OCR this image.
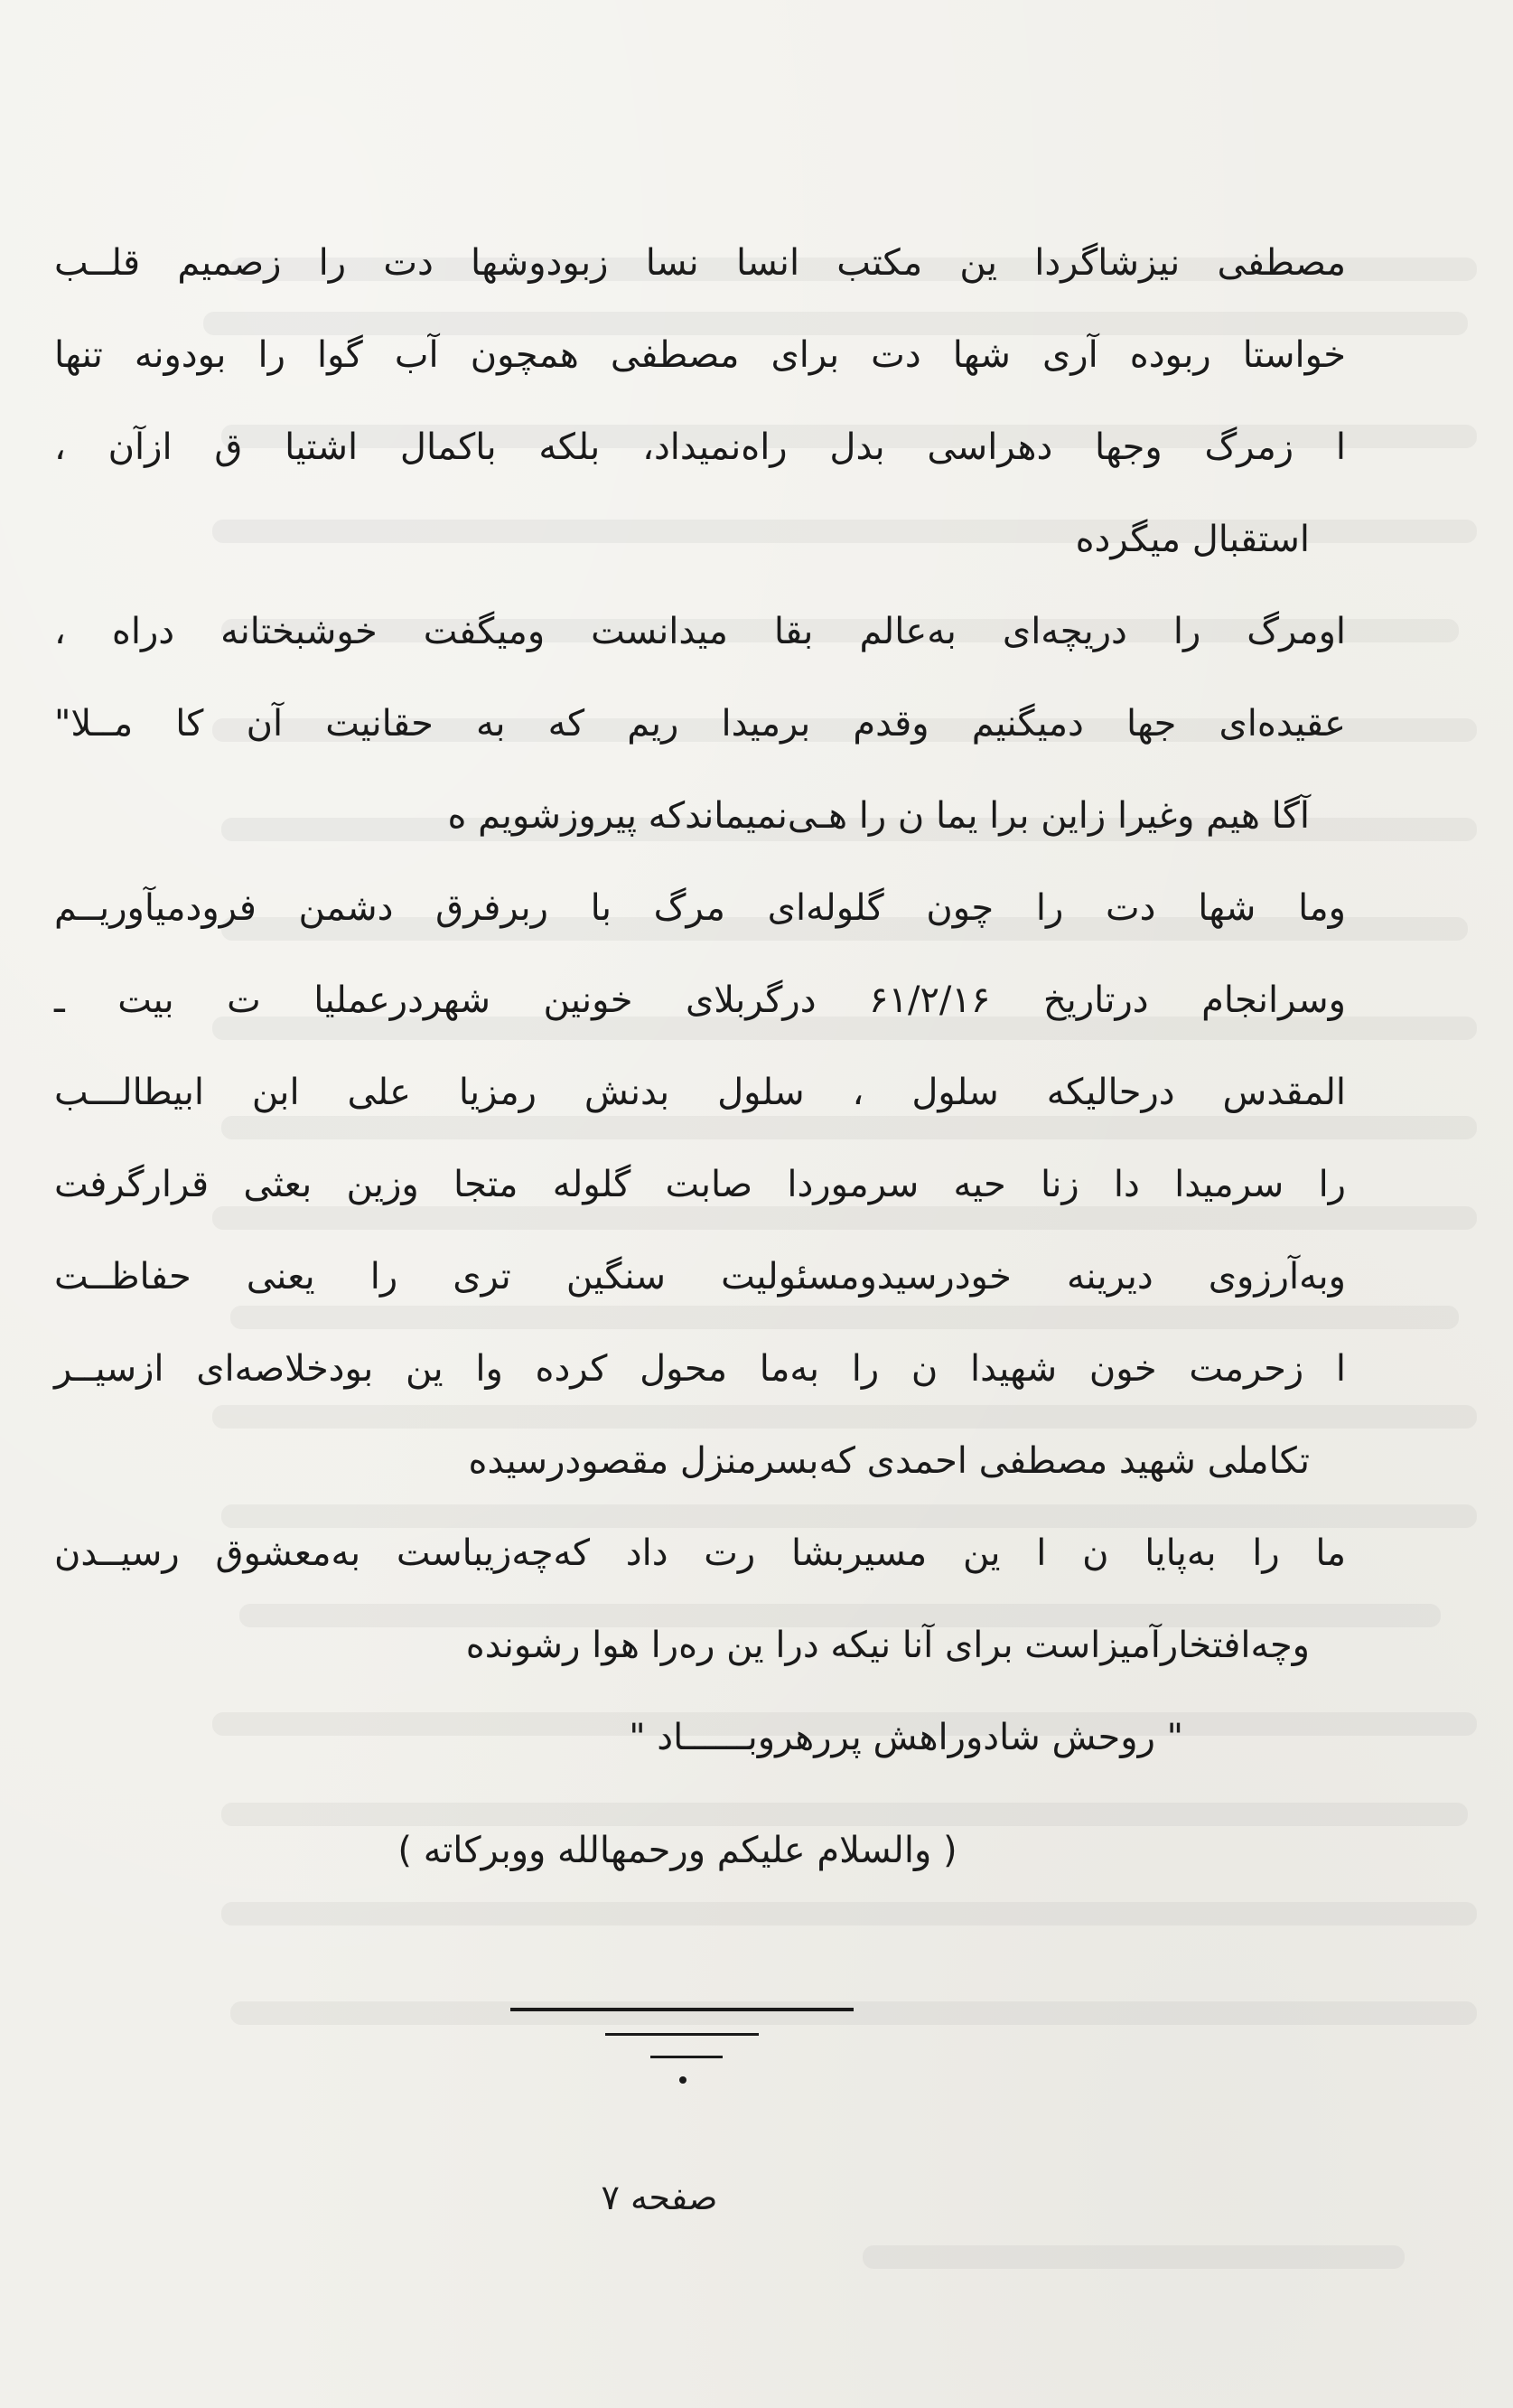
مصطفی نیزشاگردا ین مکتب انسا نسا زبودوشها دت را زصمیم قلــب
خواستا ربوده آری شها دت برای مصطفی همچون آب گوا را بودونه تنها
ا زمرگ وجها دهراسی بدل راه‌نمیداد، بلکه باکمال اشتیا ق ازآن ،
استقبال میگرده
اومرگ را دریچه‌ای به‌عالم بقا میدانست ومیگفت خوشبختانه دراه ،
عقیده‌ای جها دمیگنیم وقدم برمیدا ریم که به حقانیت آن کا مــلا"
آگا هیم وغیرا زاین برا یما ن را هـی‌نمیماندکه پیروزشویم ه
وما شها دت را چون گلوله‌ای مرگ با ربرفرق دشمن فرودمیآوریــم
وسرانجام درتاریخ ۶۱/۲/۱۶ درگربلای خونین شهردرعملیا ت بیت ـ
المقدس درحالیکه سلول ، سلول بدنش رمزیا علی ابن ابیطالـــب
را سرمیدا دا زنا حیه سرموردا صابت گلوله متجا وزین بعثی قرارگرفت
وبه‌آرزوی دیرینه خودرسیدومسئولیت سنگین تری را یعنی حفاظــت
ا زحرمت خون شهیدا ن را به‌ما محول کرده وا ین بودخلاصه‌ای ازسیــر
تکاملی شهید مصطفی احمدی که‌بسرمنزل مقصودرسیده
ما را به‌پایا ن ا ین مسیربشا رت داد که‌چه‌زیباست به‌معشوق رسیــدن
وچه‌افتخارآمیزاست برای آنا نیکه درا ین ره‌را هوا رشونده
" روحش شادوراهش پررهروبــــــاد "
( والسلام علیکم ورحمهالله ووبرکاته )
صفحه ۷
